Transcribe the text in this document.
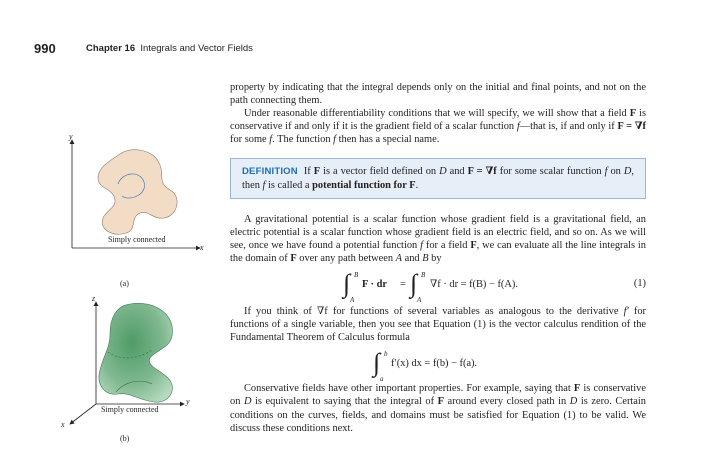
990	Chapter 16 Integrals and Vector Fields
y
x
Simply connected
(a)
z
y
x
Simply connected
(b)

property by indicating that the integral depends only on the initial and final points, and not on the path connecting them.

Under reasonable differentiability conditions that we will specify, we will show that a field F is conservative if and only if it is the gradient field of a scalar function f—that is, if and only if F = ∇f for some f. The function f then has a special name.

DEFINITION If F is a vector field defined on D and F = ∇f for some scalar function f on D, then f is called a potential function for F.

A gravitational potential is a scalar function whose gradient field is a gravitational field, an electric potential is a scalar function whose gradient field is an electric field, and so on. As we will see, once we have found a potential function f for a field F, we can evaluate all the line integrals in the domain of F over any path between A and B by

∫ B
A
F · dr = ∫ B
A
∇f · dr = f(B) − f(A).	(1)

If you think of ∇f for functions of several variables as analogous to the derivative f′ for functions of a single variable, then you see that Equation (1) is the vector calculus rendition of the Fundamental Theorem of Calculus formula

∫ b
a
f′(x) dx = f(b) − f(a).

Conservative fields have other important properties. For example, saying that F is conservative on D is equivalent to saying that the integral of F around every closed path in D is zero. Certain conditions on the curves, fields, and domains must be satisfied for Equation (1) to be valid. We discuss these conditions next.
